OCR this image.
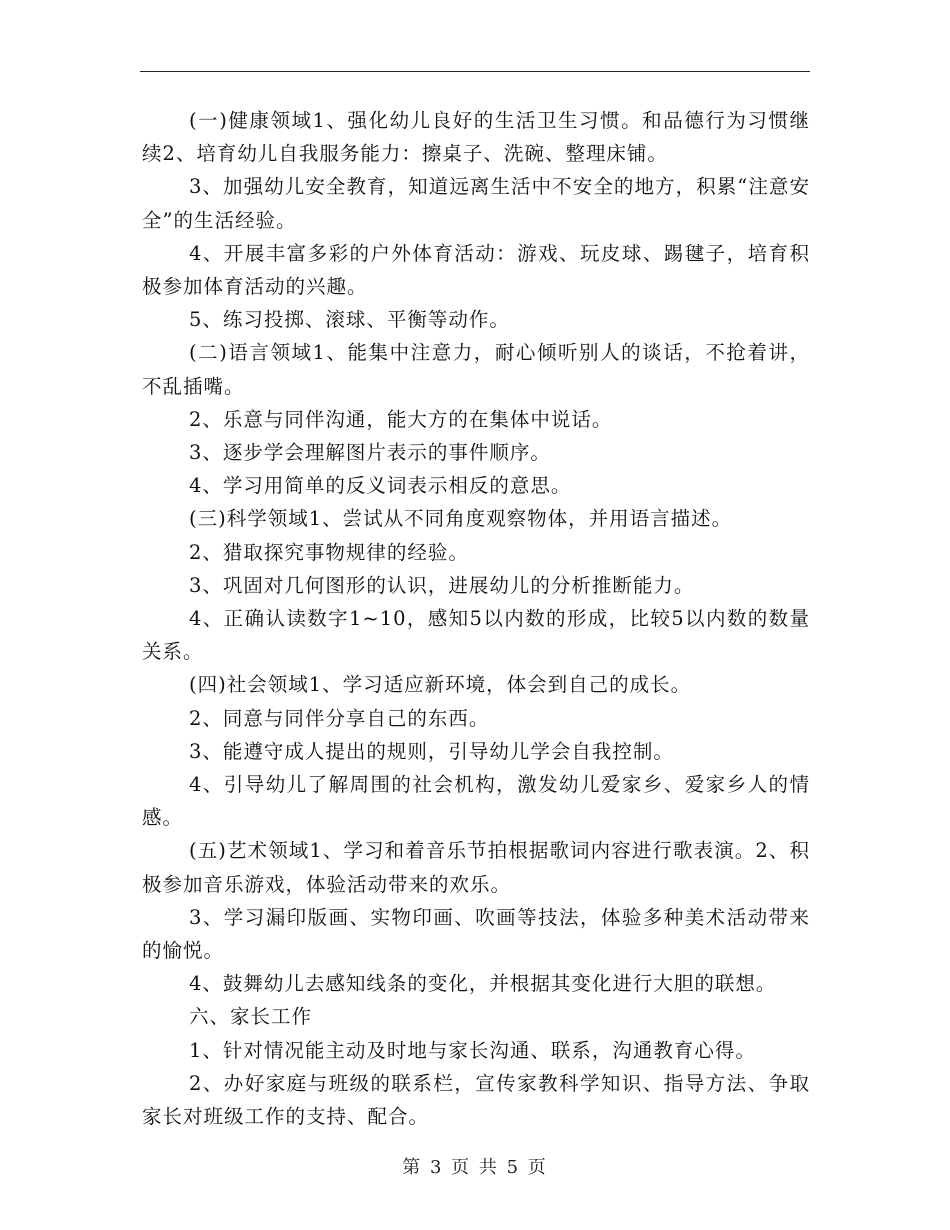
(一)健康领域1、强化幼儿良好的生活卫生习惯。和品德行为习惯继续2、培育幼儿自我服务能力：擦桌子、洗碗、整理床铺。

3、加强幼儿安全教育，知道远离生活中不安全的地方，积累“注意安全”的生活经验。

4、开展丰富多彩的户外体育活动：游戏、玩皮球、踢毽子，培育积极参加体育活动的兴趣。

5、练习投掷、滚球、平衡等动作。

(二)语言领域1、能集中注意力，耐心倾听别人的谈话，不抢着讲，不乱插嘴。

2、乐意与同伴沟通，能大方的在集体中说话。

3、逐步学会理解图片表示的事件顺序。

4、学习用简单的反义词表示相反的意思。

(三)科学领域1、尝试从不同角度观察物体，并用语言描述。

2、猎取探究事物规律的经验。

3、巩固对几何图形的认识，进展幼儿的分析推断能力。

4、正确认读数字1~10，感知5以内数的形成，比较5以内数的数量关系。

(四)社会领域1、学习适应新环境，体会到自己的成长。

2、同意与同伴分享自己的东西。

3、能遵守成人提出的规则，引导幼儿学会自我控制。

4、引导幼儿了解周围的社会机构，激发幼儿爱家乡、爱家乡人的情感。

(五)艺术领域1、学习和着音乐节拍根据歌词内容进行歌表演。2、积极参加音乐游戏，体验活动带来的欢乐。

3、学习漏印版画、实物印画、吹画等技法，体验多种美术活动带来的愉悦。

4、鼓舞幼儿去感知线条的变化，并根据其变化进行大胆的联想。

六、家长工作

1、针对情况能主动及时地与家长沟通、联系，沟通教育心得。

2、办好家庭与班级的联系栏，宣传家教科学知识、指导方法、争取家长对班级工作的支持、配合。

第 3 页 共 5 页
